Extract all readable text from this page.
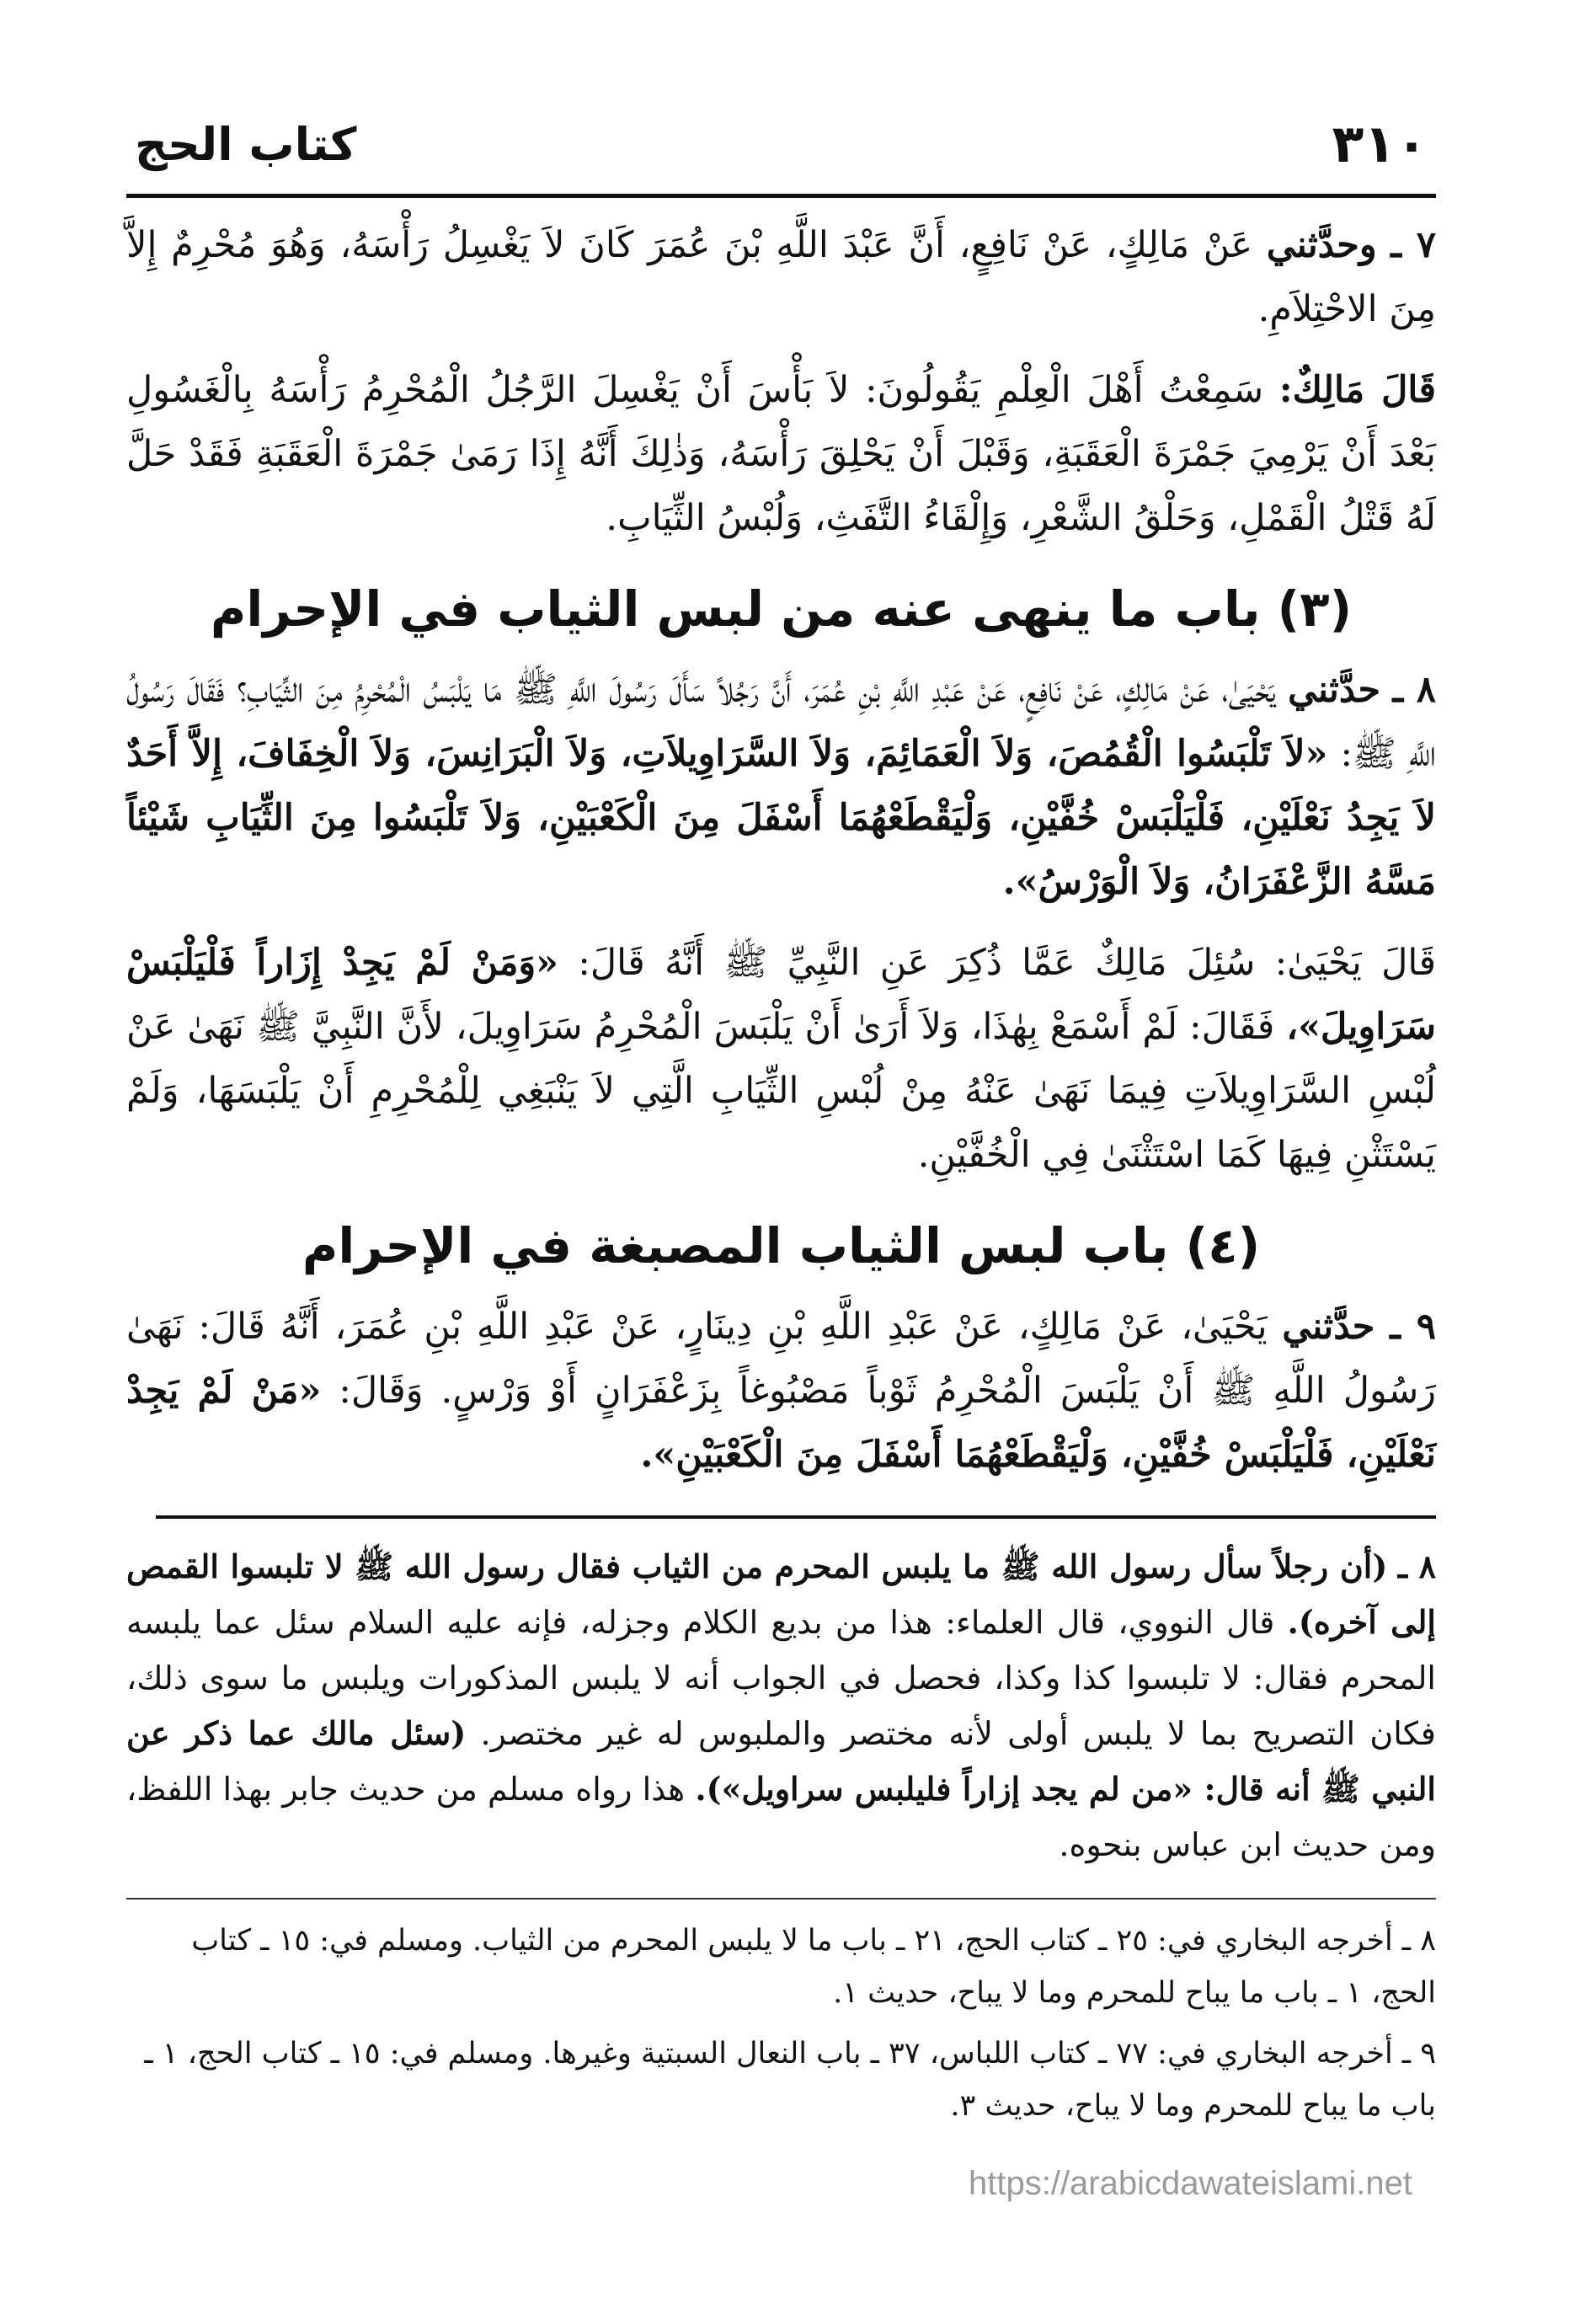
٣١٠
كتاب الحج

٧ ـ وحدَّثني عَنْ مَالِكٍ، عَنْ نَافِعٍ، أَنَّ عَبْدَ اللَّهِ بْنَ عُمَرَ كَانَ لاَ يَغْسِلُ رَأْسَهُ، وَهُوَ مُحْرِمٌ إِلاَّ مِنَ الاحْتِلاَمِ.

قَالَ مَالِكٌ: سَمِعْتُ أَهْلَ الْعِلْمِ يَقُولُونَ: لاَ بَأْسَ أَنْ يَغْسِلَ الرَّجُلُ الْمُحْرِمُ رَأْسَهُ بِالْغَسُولِ بَعْدَ أَنْ يَرْمِيَ جَمْرَةَ الْعَقَبَةِ، وَقَبْلَ أَنْ يَحْلِقَ رَأْسَهُ، وَذٰلِكَ أَنَّهُ إِذَا رَمَىٰ جَمْرَةَ الْعَقَبَةِ فَقَدْ حَلَّ لَهُ قَتْلُ الْقَمْلِ، وَحَلْقُ الشَّعْرِ، وَإِلْقَاءُ التَّفَثِ، وَلُبْسُ الثِّيَابِ.

(٣) باب ما ينهى عنه من لبس الثياب في الإحرام

٨ ـ حدَّثني يَحْيَىٰ، عَنْ مَالِكٍ، عَنْ نَافِعٍ، عَنْ عَبْدِ اللَّهِ بْنِ عُمَرَ، أَنَّ رَجُلاً سَأَلَ رَسُولَ اللَّهِ ﷺ مَا يَلْبَسُ الْمُحْرِمُ مِنَ الثِّيَابِ؟ فَقَالَ رَسُولُ اللَّهِ ﷺ: «لاَ تَلْبَسُوا الْقُمُصَ، وَلاَ الْعَمَائِمَ، وَلاَ السَّرَاوِيلاَتِ، وَلاَ الْبَرَانِسَ، وَلاَ الْخِفَافَ، إِلاَّ أَحَدٌ لاَ يَجِدُ نَعْلَيْنِ، فَلْيَلْبَسْ خُفَّيْنِ، وَلْيَقْطَعْهُمَا أَسْفَلَ مِنَ الْكَعْبَيْنِ، وَلاَ تَلْبَسُوا مِنَ الثِّيَابِ شَيْئاً مَسَّهُ الزَّعْفَرَانُ، وَلاَ الْوَرْسُ».

قَالَ يَحْيَىٰ: سُئِلَ مَالِكٌ عَمَّا ذُكِرَ عَنِ النَّبِيِّ ﷺ أَنَّهُ قَالَ: «وَمَنْ لَمْ يَجِدْ إِزَاراً فَلْيَلْبَسْ سَرَاوِيلَ»، فَقَالَ: لَمْ أَسْمَعْ بِهٰذَا، وَلاَ أَرَىٰ أَنْ يَلْبَسَ الْمُحْرِمُ سَرَاوِيلَ، لأَنَّ النَّبِيَّ ﷺ نَهَىٰ عَنْ لُبْسِ السَّرَاوِيلاَتِ فِيمَا نَهَىٰ عَنْهُ مِنْ لُبْسِ الثِّيَابِ الَّتِي لاَ يَنْبَغِي لِلْمُحْرِمِ أَنْ يَلْبَسَهَا، وَلَمْ يَسْتَثْنِ فِيهَا كَمَا اسْتَثْنَىٰ فِي الْخُفَّيْنِ.

(٤) باب لبس الثياب المصبغة في الإحرام

٩ ـ حدَّثني يَحْيَىٰ، عَنْ مَالِكٍ، عَنْ عَبْدِ اللَّهِ بْنِ دِينَارٍ، عَنْ عَبْدِ اللَّهِ بْنِ عُمَرَ، أَنَّهُ قَالَ: نَهَىٰ رَسُولُ اللَّهِ ﷺ أَنْ يَلْبَسَ الْمُحْرِمُ ثَوْباً مَصْبُوغاً بِزَعْفَرَانٍ أَوْ وَرْسٍ. وَقَالَ: «مَنْ لَمْ يَجِدْ نَعْلَيْنِ، فَلْيَلْبَسْ خُفَّيْنِ، وَلْيَقْطَعْهُمَا أَسْفَلَ مِنَ الْكَعْبَيْنِ».

٨ ـ (أن رجلاً سأل رسول الله ﷺ ما يلبس المحرم من الثياب فقال رسول الله ﷺ لا تلبسوا القمص إلى آخره). قال النووي، قال العلماء: هذا من بديع الكلام وجزله، فإنه عليه السلام سئل عما يلبسه المحرم فقال: لا تلبسوا كذا وكذا، فحصل في الجواب أنه لا يلبس المذكورات ويلبس ما سوى ذلك، فكان التصريح بما لا يلبس أولى لأنه مختصر والملبوس له غير مختصر. (سئل مالك عما ذكر عن النبي ﷺ أنه قال: «من لم يجد إزاراً فليلبس سراويل»). هذا رواه مسلم من حديث جابر بهذا اللفظ، ومن حديث ابن عباس بنحوه.

٨ ـ أخرجه البخاري في: ٢٥ ـ كتاب الحج، ٢١ ـ باب ما لا يلبس المحرم من الثياب. ومسلم في: ١٥ ـ كتاب الحج، ١ ـ باب ما يباح للمحرم وما لا يباح، حديث ١.

٩ ـ أخرجه البخاري في: ٧٧ ـ كتاب اللباس، ٣٧ ـ باب النعال السبتية وغيرها. ومسلم في: ١٥ ـ كتاب الحج، ١ ـ باب ما يباح للمحرم وما لا يباح، حديث ٣.

https://arabicdawateislami.net
